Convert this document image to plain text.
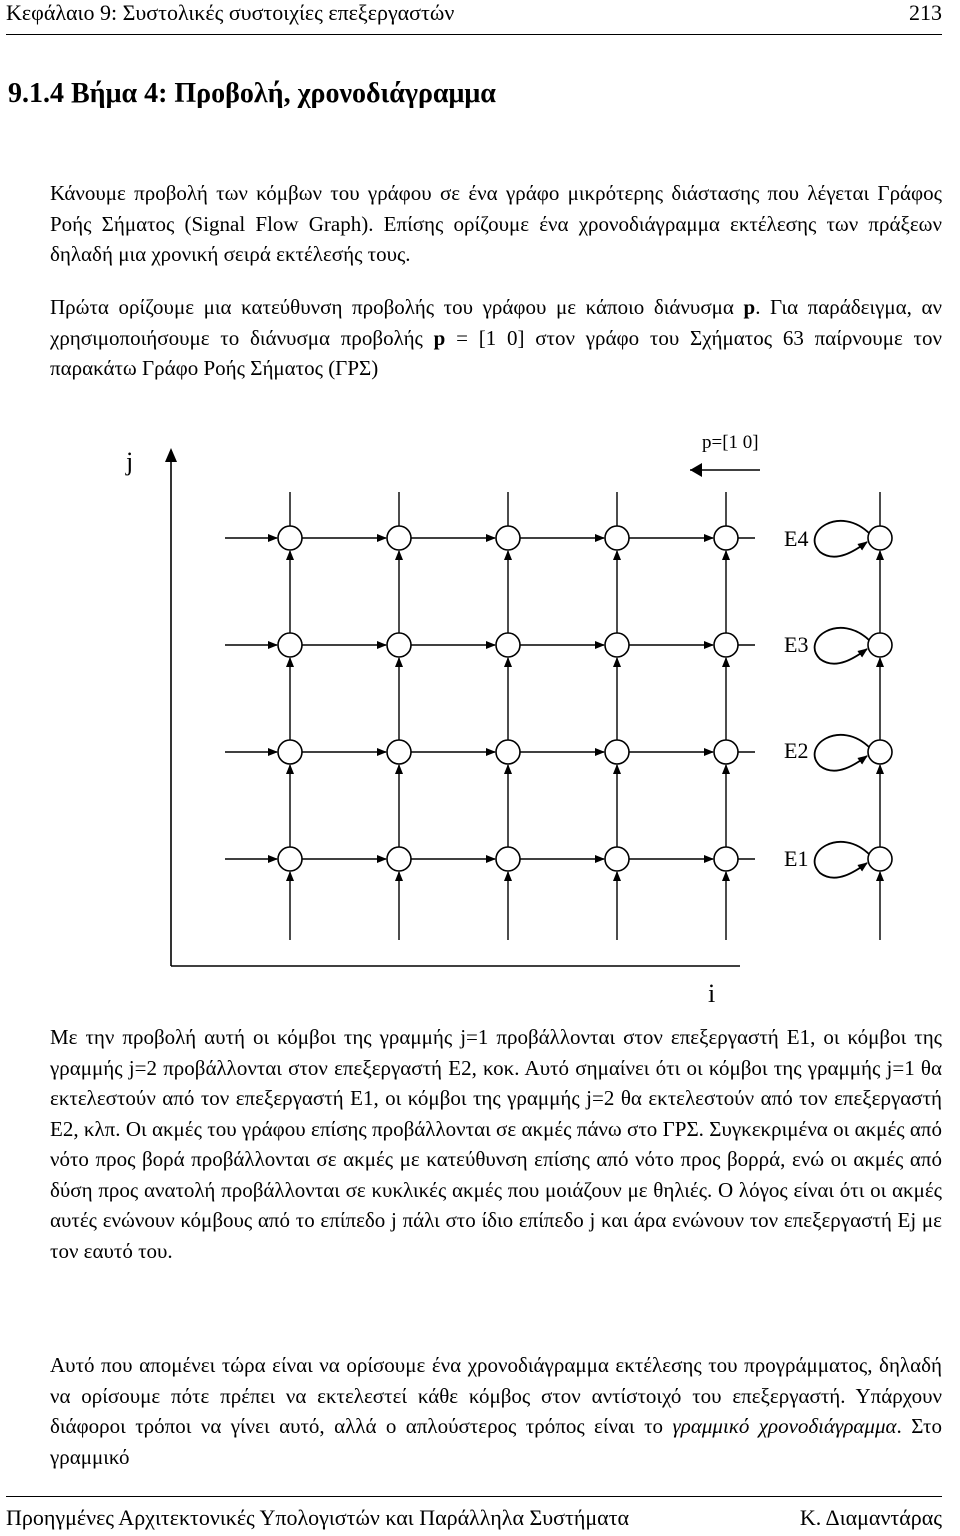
Κεφάλαιο 9: Συστολικές συστοιχίες επεξεργαστών	213
9.1.4 Βήμα 4: Προβολή, χρονοδιάγραμμα

Κάνουμε προβολή των κόμβων του γράφου σε ένα γράφο μικρότερης διάστασης που λέγεται Γράφος Ροής Σήματος (Signal Flow Graph). Επίσης ορίζουμε ένα χρονοδιάγραμμα εκτέλεσης των πράξεων δηλαδή μια χρονική σειρά εκτέλεσής τους.

Πρώτα ορίζουμε μια κατεύθυνση προβολής του γράφου με κάποιο διάνυσμα p. Για παράδειγμα, αν χρησιμοποιήσουμε το διάνυσμα προβολής p = [1 0] στον γράφο του Σχήματος 63 παίρνουμε τον παρακάτω Γράφο Ροής Σήματος (ΓΡΣ)

j
i
p=[1 0]
Ε4
Ε3
Ε2
Ε1

Με την προβολή αυτή οι κόμβοι της γραμμής j=1 προβάλλονται στον επεξεργαστή Ε1, οι κόμβοι της γραμμής j=2 προβάλλονται στον επεξεργαστή Ε2, κοκ. Αυτό σημαίνει ότι οι κόμβοι της γραμμής j=1 θα εκτελεστούν από τον επεξεργαστή Ε1, οι κόμβοι της γραμμής j=2 θα εκτελεστούν από τον επεξεργαστή Ε2, κλπ. Οι ακμές του γράφου επίσης προβάλλονται σε ακμές πάνω στο ΓΡΣ. Συγκεκριμένα οι ακμές από νότο προς βορά προβάλλονται σε ακμές με κατεύθυνση επίσης από νότο προς βορρά, ενώ οι ακμές από δύση προς ανατολή προβάλλονται σε κυκλικές ακμές που μοιάζουν με θηλιές. Ο λόγος είναι ότι οι ακμές αυτές ενώνουν κόμβους από το επίπεδο j πάλι στο ίδιο επίπεδο j και άρα ενώνουν τον επεξεργαστή Εj με τον εαυτό του.

Αυτό που απομένει τώρα είναι να ορίσουμε ένα χρονοδιάγραμμα εκτέλεσης του προγράμματος, δηλαδή να ορίσουμε πότε πρέπει να εκτελεστεί κάθε κόμβος στον αντίστοιχό του επεξεργαστή. Υπάρχουν διάφοροι τρόποι να γίνει αυτό, αλλά ο απλούστερος τρόπος είναι το γραμμικό χρονοδιάγραμμα. Στο γραμμικό

Προηγμένες Αρχιτεκτονικές Υπολογιστών και Παράλληλα Συστήματα	Κ. Διαμαντάρας
